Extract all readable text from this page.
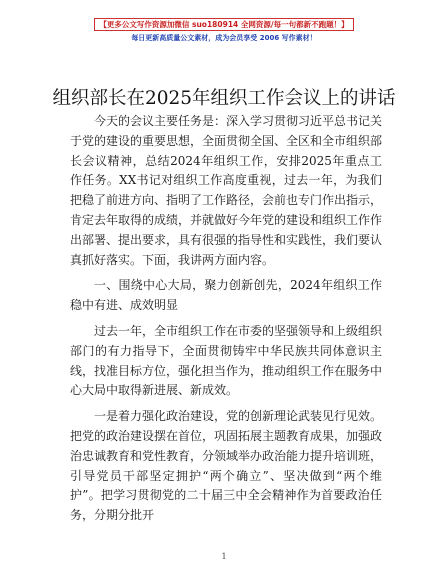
【更多公文写作资源加微信 suo180914 全网资源/每一句都新不跑题！】
每日更新高质量公文素材，成为会员享受 2006 写作素材！
组织部长在2025年组织工作会议上的讲话

今天的会议主要任务是：深入学习贯彻习近平总书记关于党的建设的重要思想，全面贯彻全国、全区和全市组织部长会议精神，总结2024年组织工作，安排2025年重点工作任务。XX书记对组织工作高度重视，过去一年，为我们把稳了前进方向、指明了工作路径，会前也专门作出指示，肯定去年取得的成绩，并就做好今年党的建设和组织工作作出部署、提出要求，具有很强的指导性和实践性，我们要认真抓好落实。下面，我讲两方面内容。

一、围绕中心大局，聚力创新创先，2024年组织工作稳中有进、成效明显

过去一年，全市组织工作在市委的坚强领导和上级组织部门的有力指导下，全面贯彻铸牢中华民族共同体意识主线，找准目标方位，强化担当作为，推动组织工作在服务中心大局中取得新进展、新成效。

一是着力强化政治建设，党的创新理论武装见行见效。把党的政治建设摆在首位，巩固拓展主题教育成果，加强政治忠诚教育和党性教育，分领域举办政治能力提升培训班，引导党员干部坚定拥护“两个确立”、坚决做到“两个维护”。把学习贯彻党的二十届三中全会精神作为首要政治任务，分期分批开

1
